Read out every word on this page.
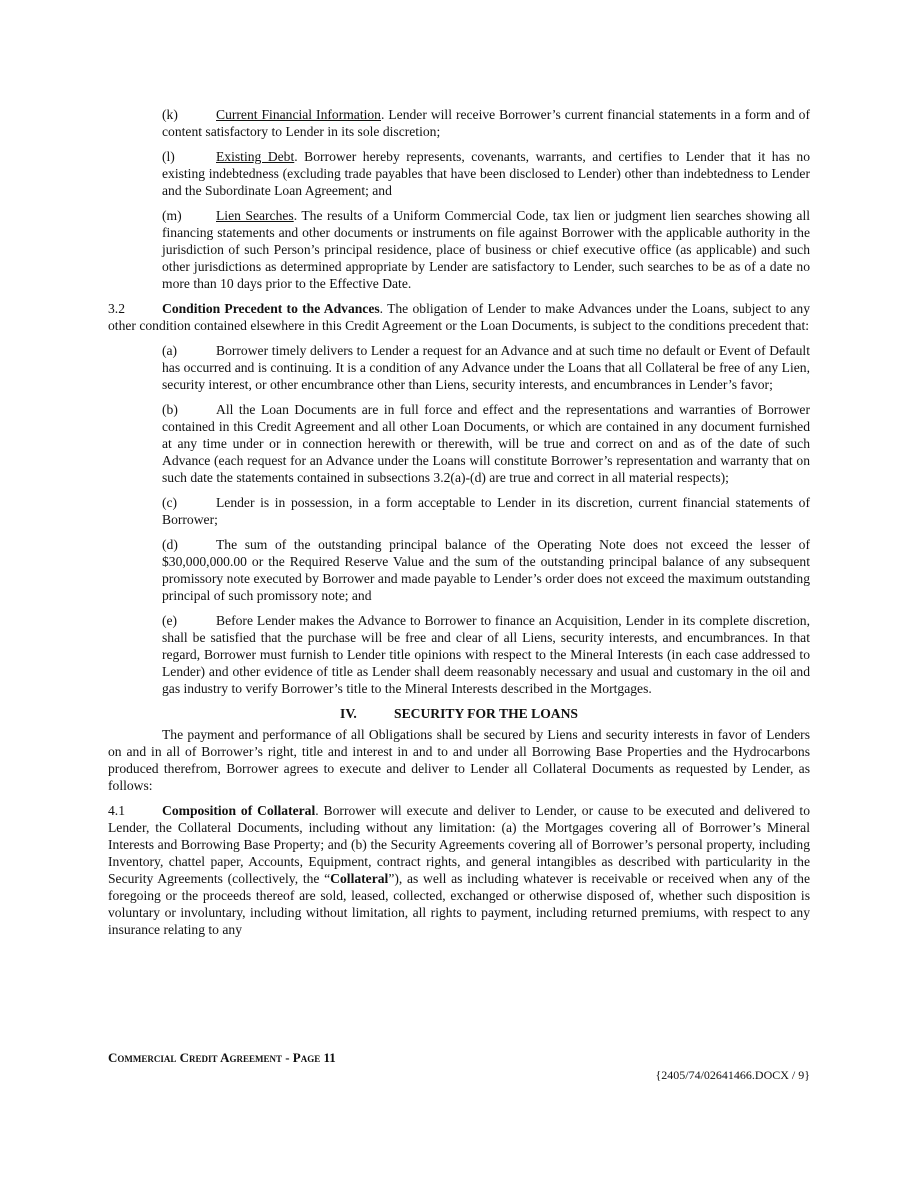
(k)	Current Financial Information. Lender will receive Borrower’s current financial statements in a form and of content satisfactory to Lender in its sole discretion;

(l)	Existing Debt. Borrower hereby represents, covenants, warrants, and certifies to Lender that it has no existing indebtedness (excluding trade payables that have been disclosed to Lender) other than indebtedness to Lender and the Subordinate Loan Agreement; and

(m)	Lien Searches. The results of a Uniform Commercial Code, tax lien or judgment lien searches showing all financing statements and other documents or instruments on file against Borrower with the applicable authority in the jurisdiction of such Person’s principal residence, place of business or chief executive office (as applicable) and such other jurisdictions as determined appropriate by Lender are satisfactory to Lender, such searches to be as of a date no more than 10 days prior to the Effective Date.

3.2	Condition Precedent to the Advances. The obligation of Lender to make Advances under the Loans, subject to any other condition contained elsewhere in this Credit Agreement or the Loan Documents, is subject to the conditions precedent that:

(a)	Borrower timely delivers to Lender a request for an Advance and at such time no default or Event of Default has occurred and is continuing. It is a condition of any Advance under the Loans that all Collateral be free of any Lien, security interest, or other encumbrance other than Liens, security interests, and encumbrances in Lender’s favor;

(b)	All the Loan Documents are in full force and effect and the representations and warranties of Borrower contained in this Credit Agreement and all other Loan Documents, or which are contained in any document furnished at any time under or in connection herewith or therewith, will be true and correct on and as of the date of such Advance (each request for an Advance under the Loans will constitute Borrower’s representation and warranty that on such date the statements contained in subsections 3.2(a)-(d) are true and correct in all material respects);

(c)	Lender is in possession, in a form acceptable to Lender in its discretion, current financial statements of Borrower;

(d)	The sum of the outstanding principal balance of the Operating Note does not exceed the lesser of $30,000,000.00 or the Required Reserve Value and the sum of the outstanding principal balance of any subsequent promissory note executed by Borrower and made payable to Lender’s order does not exceed the maximum outstanding principal of such promissory note; and

(e)	Before Lender makes the Advance to Borrower to finance an Acquisition, Lender in its complete discretion, shall be satisfied that the purchase will be free and clear of all Liens, security interests, and encumbrances. In that regard, Borrower must furnish to Lender title opinions with respect to the Mineral Interests (in each case addressed to Lender) and other evidence of title as Lender shall deem reasonably necessary and usual and customary in the oil and gas industry to verify Borrower’s title to the Mineral Interests described in the Mortgages.

IV.	SECURITY FOR THE LOANS

The payment and performance of all Obligations shall be secured by Liens and security interests in favor of Lenders on and in all of Borrower’s right, title and interest in and to and under all Borrowing Base Properties and the Hydrocarbons produced therefrom, Borrower agrees to execute and deliver to Lender all Collateral Documents as requested by Lender, as follows:

4.1	Composition of Collateral. Borrower will execute and deliver to Lender, or cause to be executed and delivered to Lender, the Collateral Documents, including without any limitation: (a) the Mortgages covering all of Borrower’s Mineral Interests and Borrowing Base Property; and (b) the Security Agreements covering all of Borrower’s personal property, including Inventory, chattel paper, Accounts, Equipment, contract rights, and general intangibles as described with particularity in the Security Agreements (collectively, the “Collateral”), as well as including whatever is receivable or received when any of the foregoing or the proceeds thereof are sold, leased, collected, exchanged or otherwise disposed of, whether such disposition is voluntary or involuntary, including without limitation, all rights to payment, including returned premiums, with respect to any insurance relating to any

Commercial Credit Agreement - Page 11
{2405/74/02641466.DOCX / 9}
